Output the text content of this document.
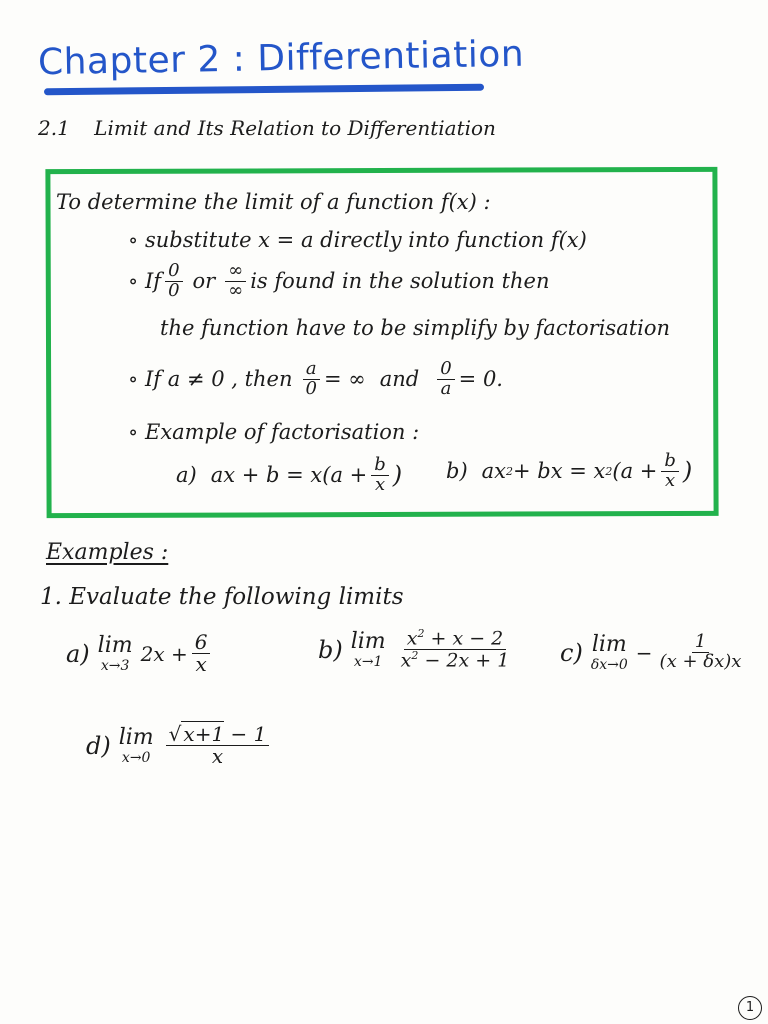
Chapter 2 : Differentiation
2.1 Limit and Its Relation to Differentiation
To determine the limit of a function f(x) :
∘ substitute x = a directly into function f(x)
∘ If $\frac{0}{0}$ or $\frac{\infty}{\infty}$ is found in the solution then
the function have to be simplify by factorisation
∘ If a ≠ 0 , then $\frac{a}{0}$ = ∞ and $\frac{0}{a} = 0$.
∘ Example of factorisation :
a) ax + $b = x(a + \frac{b}{x}$ ) b) ax 2 + bx = x 2 ($a + \frac{b}{x}$ )
Examples :
1. Evaluate the following limits
a) lim
x→3
$2x + \frac{6}{x}$	b) lim
$x\to 1 \frac{x^2 + x - 2}{x^2 - 2x + 1} c$) lim
δx→0
− $\frac{1}{(x + \delta x)x}$
d) lim
$x\to 0 \frac{√ x+1 - 1}{x}$
1
